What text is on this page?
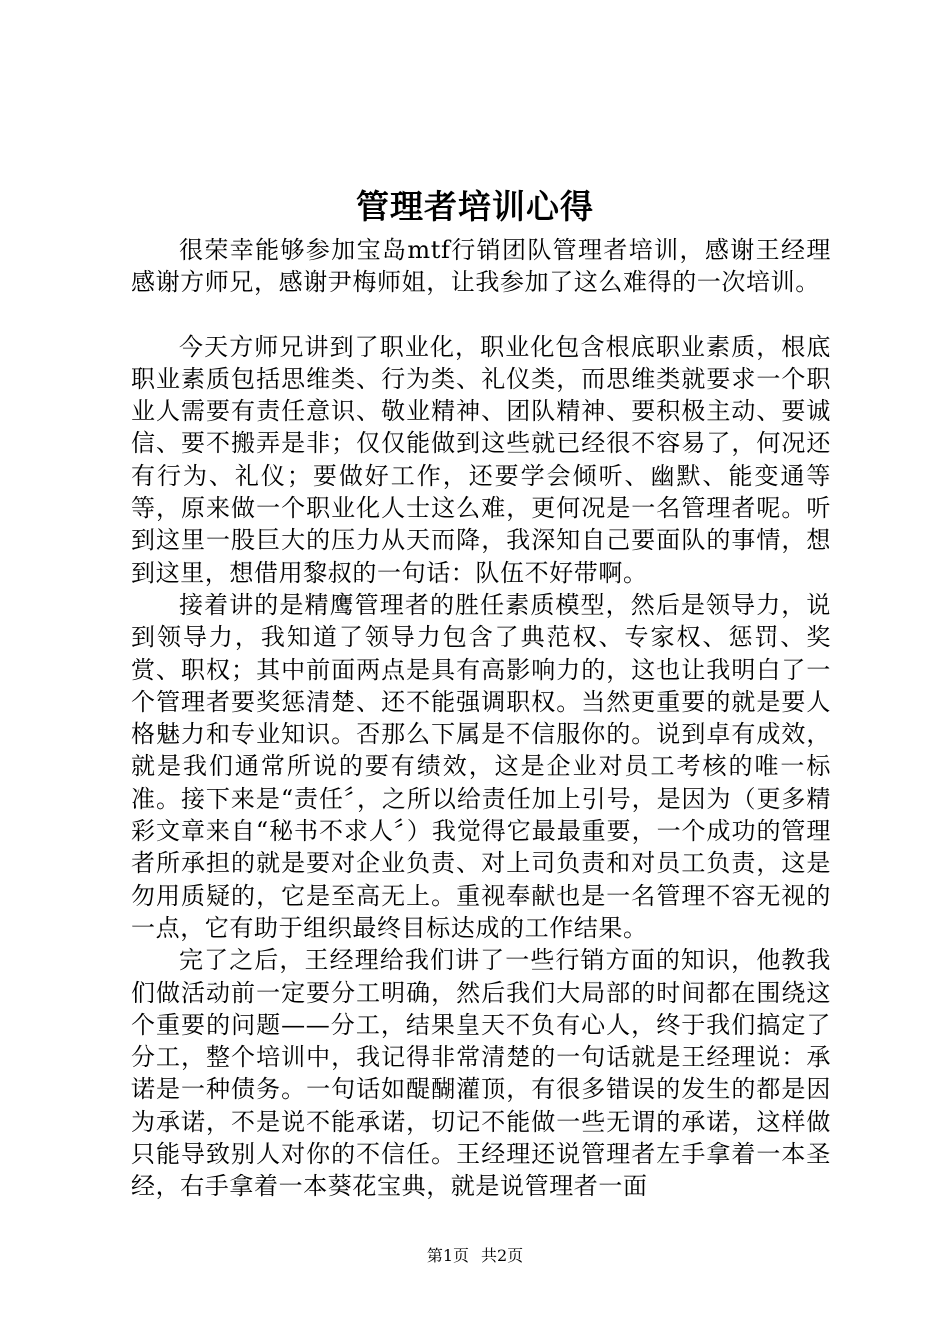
管理者培训心得

很荣幸能够参加宝岛mtf行销团队管理者培训，感谢王经理感谢方师兄，感谢尹梅师姐，让我参加了这么难得的一次培训。

今天方师兄讲到了职业化，职业化包含根底职业素质，根底职业素质包括思维类、行为类、礼仪类，而思维类就要求一个职业人需要有责任意识、敬业精神、团队精神、要积极主动、要诚信、要不搬弄是非；仅仅能做到这些就已经很不容易了，何况还有行为、礼仪；要做好工作，还要学会倾听、幽默、能变通等等，原来做一个职业化人士这么难，更何况是一名管理者呢。听到这里一股巨大的压力从天而降，我深知自己要面队的事情，想到这里，想借用黎叔的一句话：队伍不好带啊。

接着讲的是精鹰管理者的胜任素质模型，然后是领导力，说到领导力，我知道了领导力包含了典范权、专家权、惩罚、奖赏、职权；其中前面两点是具有高影响力的，这也让我明白了一个管理者要奖惩清楚、还不能强调职权。当然更重要的就是要人格魅力和专业知识。否那么下属是不信服你的。说到卓有成效，就是我们通常所说的要有绩效，这是企业对员工考核的唯一标准。接下来是“责任〞，之所以给责任加上引号，是因为（更多精彩文章来自“秘书不求人〞）我觉得它最最重要，一个成功的管理者所承担的就是要对企业负责、对上司负责和对员工负责，这是勿用质疑的，它是至高无上。重视奉献也是一名管理不容无视的一点，它有助于组织最终目标达成的工作结果。

完了之后，王经理给我们讲了一些行销方面的知识，他教我们做活动前一定要分工明确，然后我们大局部的时间都在围绕这个重要的问题——分工，结果皇天不负有心人，终于我们搞定了分工，整个培训中，我记得非常清楚的一句话就是王经理说：承诺是一种债务。一句话如醍醐灌顶，有很多错误的发生的都是因为承诺，不是说不能承诺，切记不能做一些无谓的承诺，这样做只能导致别人对你的不信任。王经理还说管理者左手拿着一本圣经，右手拿着一本葵花宝典，就是说管理者一面

第1页 共2页
